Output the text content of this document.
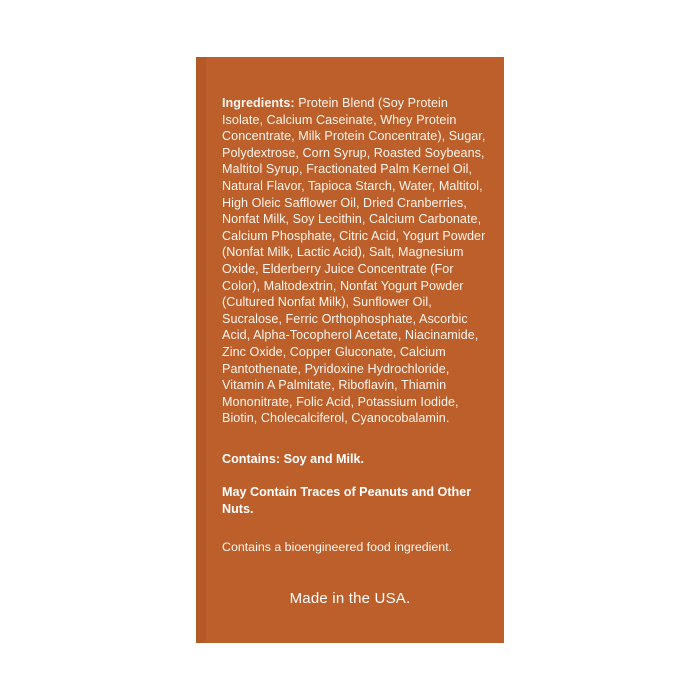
Ingredients: Protein Blend (Soy Protein Isolate, Calcium Caseinate, Whey Protein Concentrate, Milk Protein Concentrate), Sugar, Polydextrose, Corn Syrup, Roasted Soybeans, Maltitol Syrup, Fractionated Palm Kernel Oil, Natural Flavor, Tapioca Starch, Water, Maltitol, High Oleic Safflower Oil, Dried Cranberries, Nonfat Milk, Soy Lecithin, Calcium Carbonate, Calcium Phosphate, Citric Acid, Yogurt Powder (Nonfat Milk, Lactic Acid), Salt, Magnesium Oxide, Elderberry Juice Concentrate (For Color), Maltodextrin, Nonfat Yogurt Powder (Cultured Nonfat Milk), Sunflower Oil, Sucralose, Ferric Orthophosphate, Ascorbic Acid, Alpha-Tocopherol Acetate, Niacinamide, Zinc Oxide, Copper Gluconate, Calcium Pantothenate, Pyridoxine Hydrochloride, Vitamin A Palmitate, Riboflavin, Thiamin Mononitrate, Folic Acid, Potassium Iodide, Biotin, Cholecalciferol, Cyanocobalamin.

Contains: Soy and Milk.

May Contain Traces of Peanuts and Other Nuts.

Contains a bioengineered food ingredient.

Made in the USA.
